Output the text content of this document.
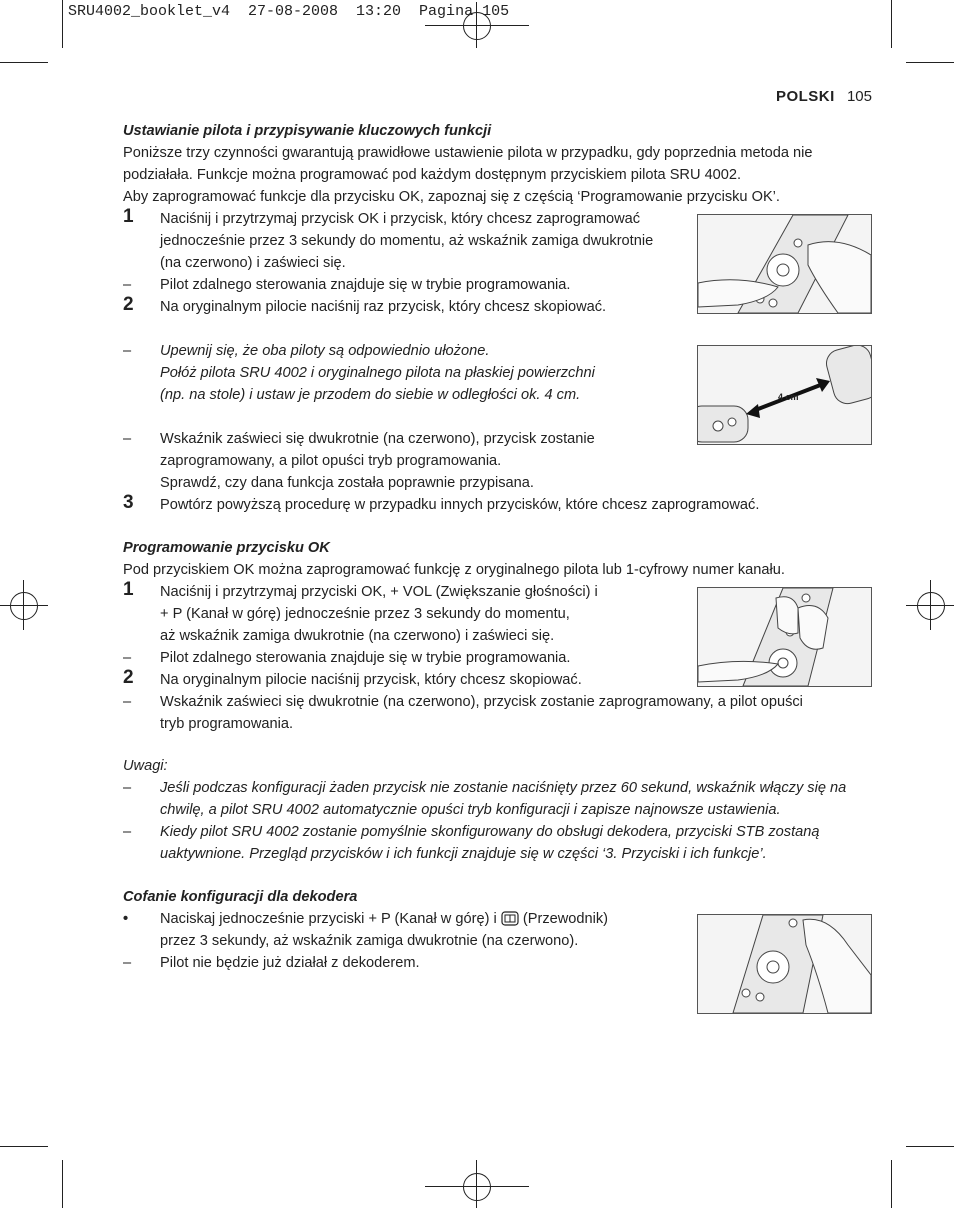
SRU4002_booklet_v4  27-08-2008  13:20  Pagina 105
POLSKI 105
Ustawianie pilota i przypisywanie kluczowych funkcji
Poniższe trzy czynności gwarantują prawidłowe ustawienie pilota w przypadku, gdy poprzednia metoda nie
podziałała. Funkcje można programować pod każdym dostępnym przyciskiem pilota SRU 4002.
Aby zaprogramować funkcje dla przycisku OK, zapoznaj się z częścią ‘Programowanie przycisku OK’.
1 Naciśnij i przytrzymaj przycisk OK i przycisk, który chcesz zaprogramować
jednocześnie przez 3 sekundy do momentu, aż wskaźnik zamiga dwukrotnie
(na czerwono) i zaświeci się.
– Pilot zdalnego sterowania znajduje się w trybie programowania.
2 Na oryginalnym pilocie naciśnij raz przycisk, który chcesz skopiować.
– Upewnij się, że oba piloty są odpowiednio ułożone.
Połóż pilota SRU 4002 i oryginalnego pilota na płaskiej powierzchni
(np. na stole) i ustaw je przodem do siebie w odległości ok. 4 cm.
– Wskaźnik zaświeci się dwukrotnie (na czerwono), przycisk zostanie
zaprogramowany, a pilot opuści tryb programowania.
Sprawdź, czy dana funkcja została poprawnie przypisana.
3 Powtórz powyższą procedurę w przypadku innych przycisków, które chcesz zaprogramować.
4 cm
Programowanie przycisku OK
Pod przyciskiem OK można zaprogramować funkcję z oryginalnego pilota lub 1-cyfrowy numer kanału.
1 Naciśnij i przytrzymaj przyciski OK, + VOL (Zwiększanie głośności) i
+ P (Kanał w górę) jednocześnie przez 3 sekundy do momentu,
aż wskaźnik zamiga dwukrotnie (na czerwono) i zaświeci się.
– Pilot zdalnego sterowania znajduje się w trybie programowania.
2 Na oryginalnym pilocie naciśnij przycisk, który chcesz skopiować.
– Wskaźnik zaświeci się dwukrotnie (na czerwono), przycisk zostanie zaprogramowany, a pilot opuści
tryb programowania.
Uwagi:
– Jeśli podczas konfiguracji żaden przycisk nie zostanie naciśnięty przez 60 sekund, wskaźnik włączy się na
chwilę, a pilot SRU 4002 automatycznie opuści tryb konfiguracji i zapisze najnowsze ustawienia.
– Kiedy pilot SRU 4002 zostanie pomyślnie skonfigurowany do obsługi dekodera, przyciski STB zostaną
uaktywnione. Przegląd przycisków i ich funkcji znajduje się w części ‘3. Przyciski i ich funkcje’.
Cofanie konfiguracji dla dekodera
• Naciskaj jednocześnie przyciski + P (Kanał w górę) i  (Przewodnik)
przez 3 sekundy, aż wskaźnik zamiga dwukrotnie (na czerwono).
– Pilot nie będzie już działał z dekoderem.
